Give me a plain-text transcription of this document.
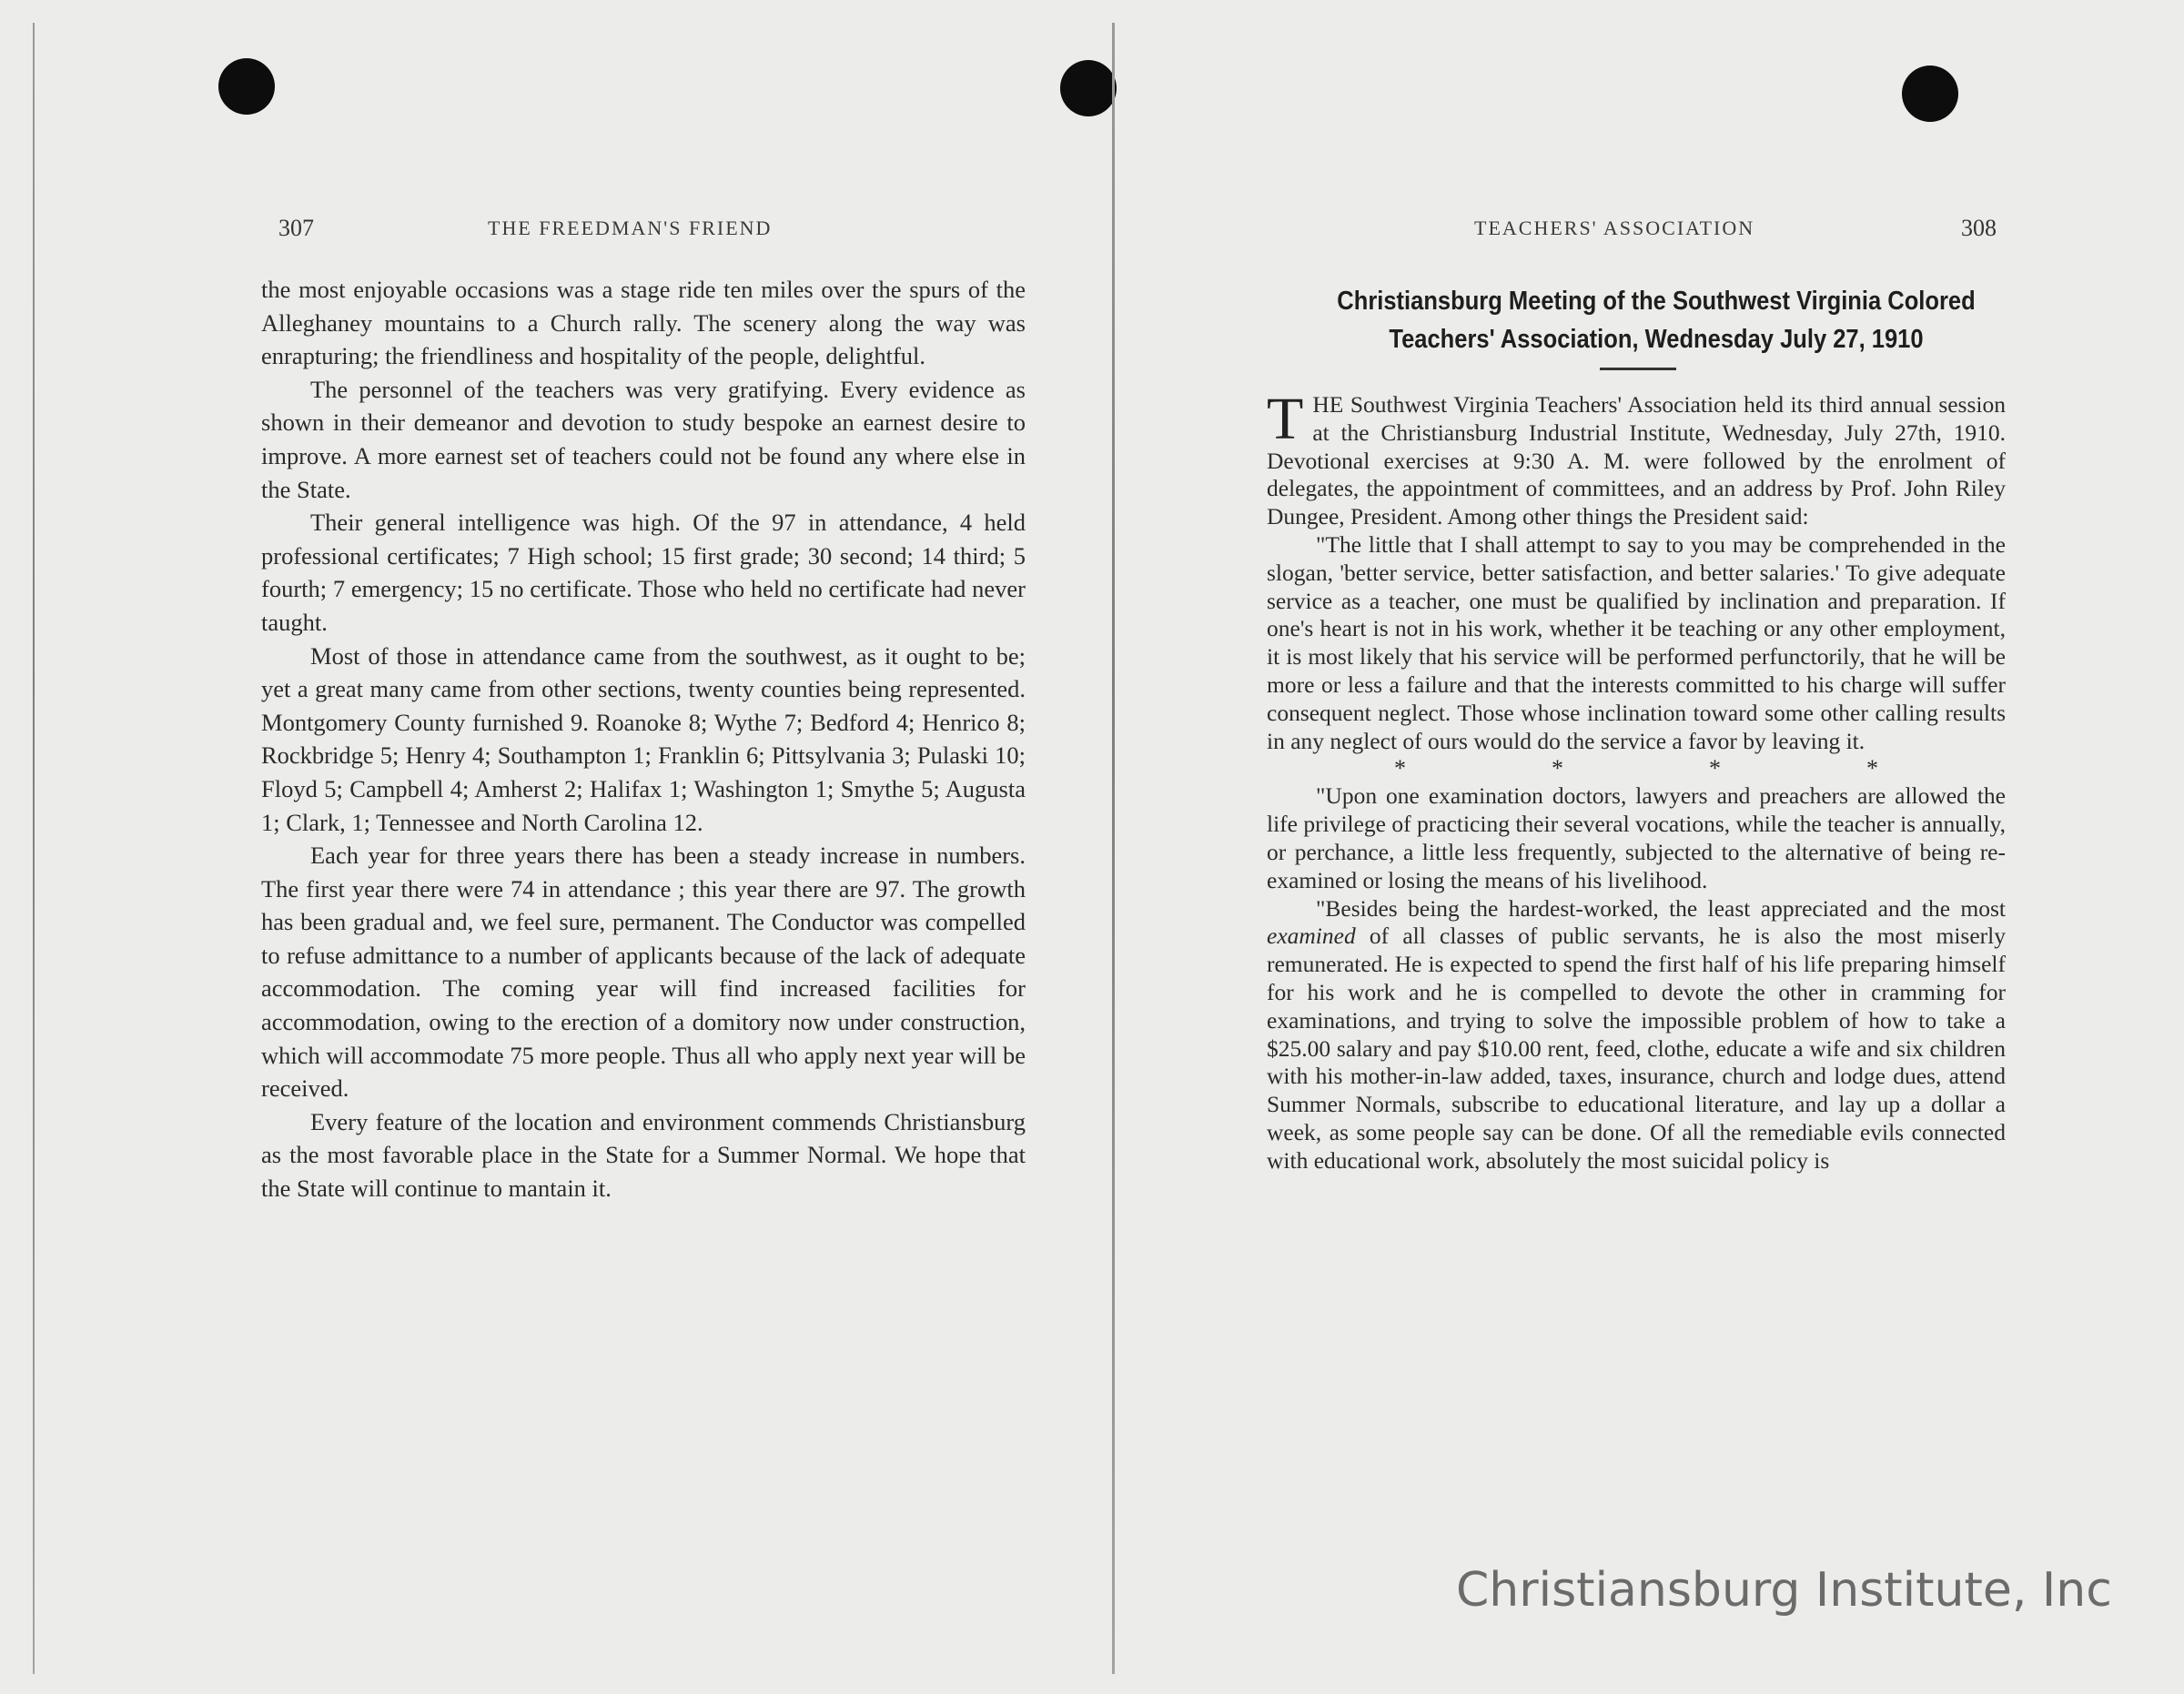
307	THE FREEDMAN'S FRIEND

the most enjoyable occasions was a stage ride ten miles over the spurs of the Alleghaney mountains to a Church rally. The scenery along the way was enrapturing; the friendliness and hospitality of the people, delightful.

The personnel of the teachers was very gratifying. Every evidence as shown in their demeanor and devotion to study bespoke an earnest desire to improve. A more earnest set of teachers could not be found any where else in the State.

Their general intelligence was high. Of the 97 in attendance, 4 held professional certificates; 7 High school; 15 first grade; 30 second; 14 third; 5 fourth; 7 emergency; 15 no certificate. Those who held no certificate had never taught.

Most of those in attendance came from the southwest, as it ought to be; yet a great many came from other sections, twenty counties being represented. Montgomery County furnished 9. Roanoke 8; Wythe 7; Bedford 4; Henrico 8; Rockbridge 5; Henry 4; Southampton 1; Franklin 6; Pittsylvania 3; Pulaski 10; Floyd 5; Campbell 4; Amherst 2; Halifax 1; Washington 1; Smythe 5; Augusta 1; Clark, 1; Tennessee and North Carolina 12.

Each year for three years there has been a steady increase in numbers. The first year there were 74 in attendance ; this year there are 97. The growth has been gradual and, we feel sure, permanent. The Conductor was compelled to refuse admittance to a number of applicants because of the lack of adequate accommodation. The coming year will find increased facilities for accommodation, owing to the erection of a domitory now under construction, which will accommodate 75 more people. Thus all who apply next year will be received.

Every feature of the location and environment commends Christiansburg as the most favorable place in the State for a Summer Normal. We hope that the State will continue to mantain it.

TEACHERS' ASSOCIATION	308
Christiansburg Meeting of the Southwest Virginia Colored
Teachers' Association, Wednesday July 27, 1910

THE Southwest Virginia Teachers' Association held its third annual session at the Christiansburg Industrial Institute, Wednesday, July 27th, 1910. Devotional exercises at 9:30 A. M. were followed by the enrolment of delegates, the appointment of committees, and an address by Prof. John Riley Dungee, President. Among other things the President said:

"The little that I shall attempt to say to you may be comprehended in the slogan, 'better service, better satisfaction, and better salaries.' To give adequate service as a teacher, one must be qualified by inclination and preparation. If one's heart is not in his work, whether it be teaching or any other employment, it is most likely that his service will be performed perfunctorily, that he will be more or less a failure and that the interests committed to his charge will suffer consequent neglect. Those whose inclination toward some other calling results in any neglect of ours would do the service a favor by leaving it.

*	*	*	*

"Upon one examination doctors, lawyers and preachers are allowed the life privilege of practicing their several vocations, while the teacher is annually, or perchance, a little less frequently, subjected to the alternative of being re-examined or losing the means of his livelihood.

"Besides being the hardest-worked, the least appreciated and the most examined of all classes of public servants, he is also the most miserly remunerated. He is expected to spend the first half of his life preparing himself for his work and he is compelled to devote the other in cramming for examinations, and trying to solve the impossible problem of how to take a $25.00 salary and pay $10.00 rent, feed, clothe, educate a wife and six children with his mother-in-law added, taxes, insurance, church and lodge dues, attend Summer Normals, subscribe to educational literature, and lay up a dollar a week, as some people say can be done. Of all the remediable evils connected with educational work, absolutely the most suicidal policy is

Christiansburg Institute, Inc
